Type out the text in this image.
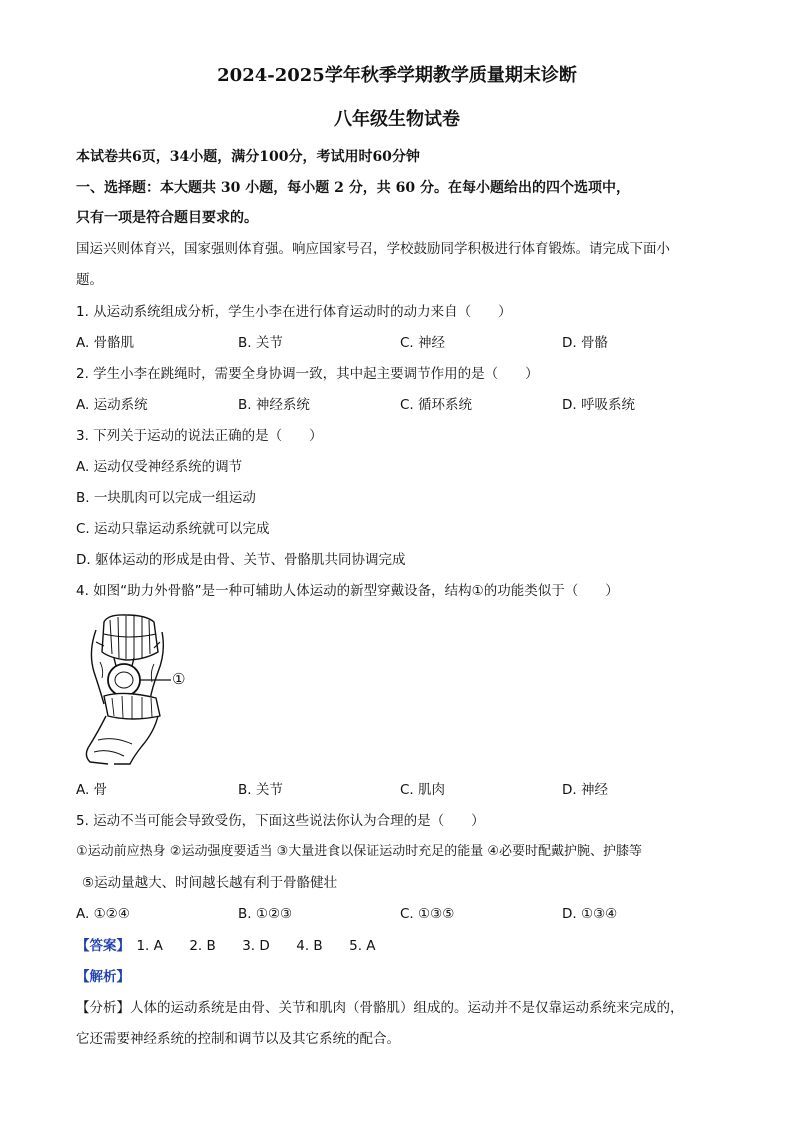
2024-2025学年秋季学期教学质量期末诊断
八年级生物试卷
本试卷共6页，34小题，满分100分，考试用时60分钟
一、选择题：本大题共 30 小题，每小题 2 分，共 60 分。在每小题给出的四个选项中，
只有一项是符合题目要求的。
国运兴则体育兴，国家强则体育强。响应国家号召，学校鼓励同学积极进行体育锻炼。请完成下面小
题。
1. 从运动系统组成分析，学生小李在进行体育运动时的动力来自（　　）
A. 骨骼肌	B. 关节	C. 神经	D. 骨骼
2. 学生小李在跳绳时，需要全身协调一致，其中起主要调节作用的是（　　）
A. 运动系统	B. 神经系统	C. 循环系统	D. 呼吸系统
3. 下列关于运动的说法正确的是（　　）
A. 运动仅受神经系统的调节
B. 一块肌肉可以完成一组运动
C. 运动只靠运动系统就可以完成
D. 躯体运动的形成是由骨、关节、骨骼肌共同协调完成
4. 如图“助力外骨骼”是一种可辅助人体运动的新型穿戴设备，结构①的功能类似于（　　）
①
A. 骨	B. 关节	C. 肌肉	D. 神经
5. 运动不当可能会导致受伤，下面这些说法你认为合理的是（　　）
①运动前应热身 ②运动强度要适当 ③大量进食以保证运动时充足的能量 ④必要时配戴护腕、护膝等
⑤运动量越大、时间越长越有利于骨骼健壮
A. ①②④	B. ①②③	C. ①③⑤	D. ①③④
【答案】 1. A 2. B 3. D 4. B 5. A
【解析】
【分析】人体的运动系统是由骨、关节和肌肉（骨骼肌）组成的。运动并不是仅靠运动系统来完成的，
它还需要神经系统的控制和调节以及其它系统的配合。
